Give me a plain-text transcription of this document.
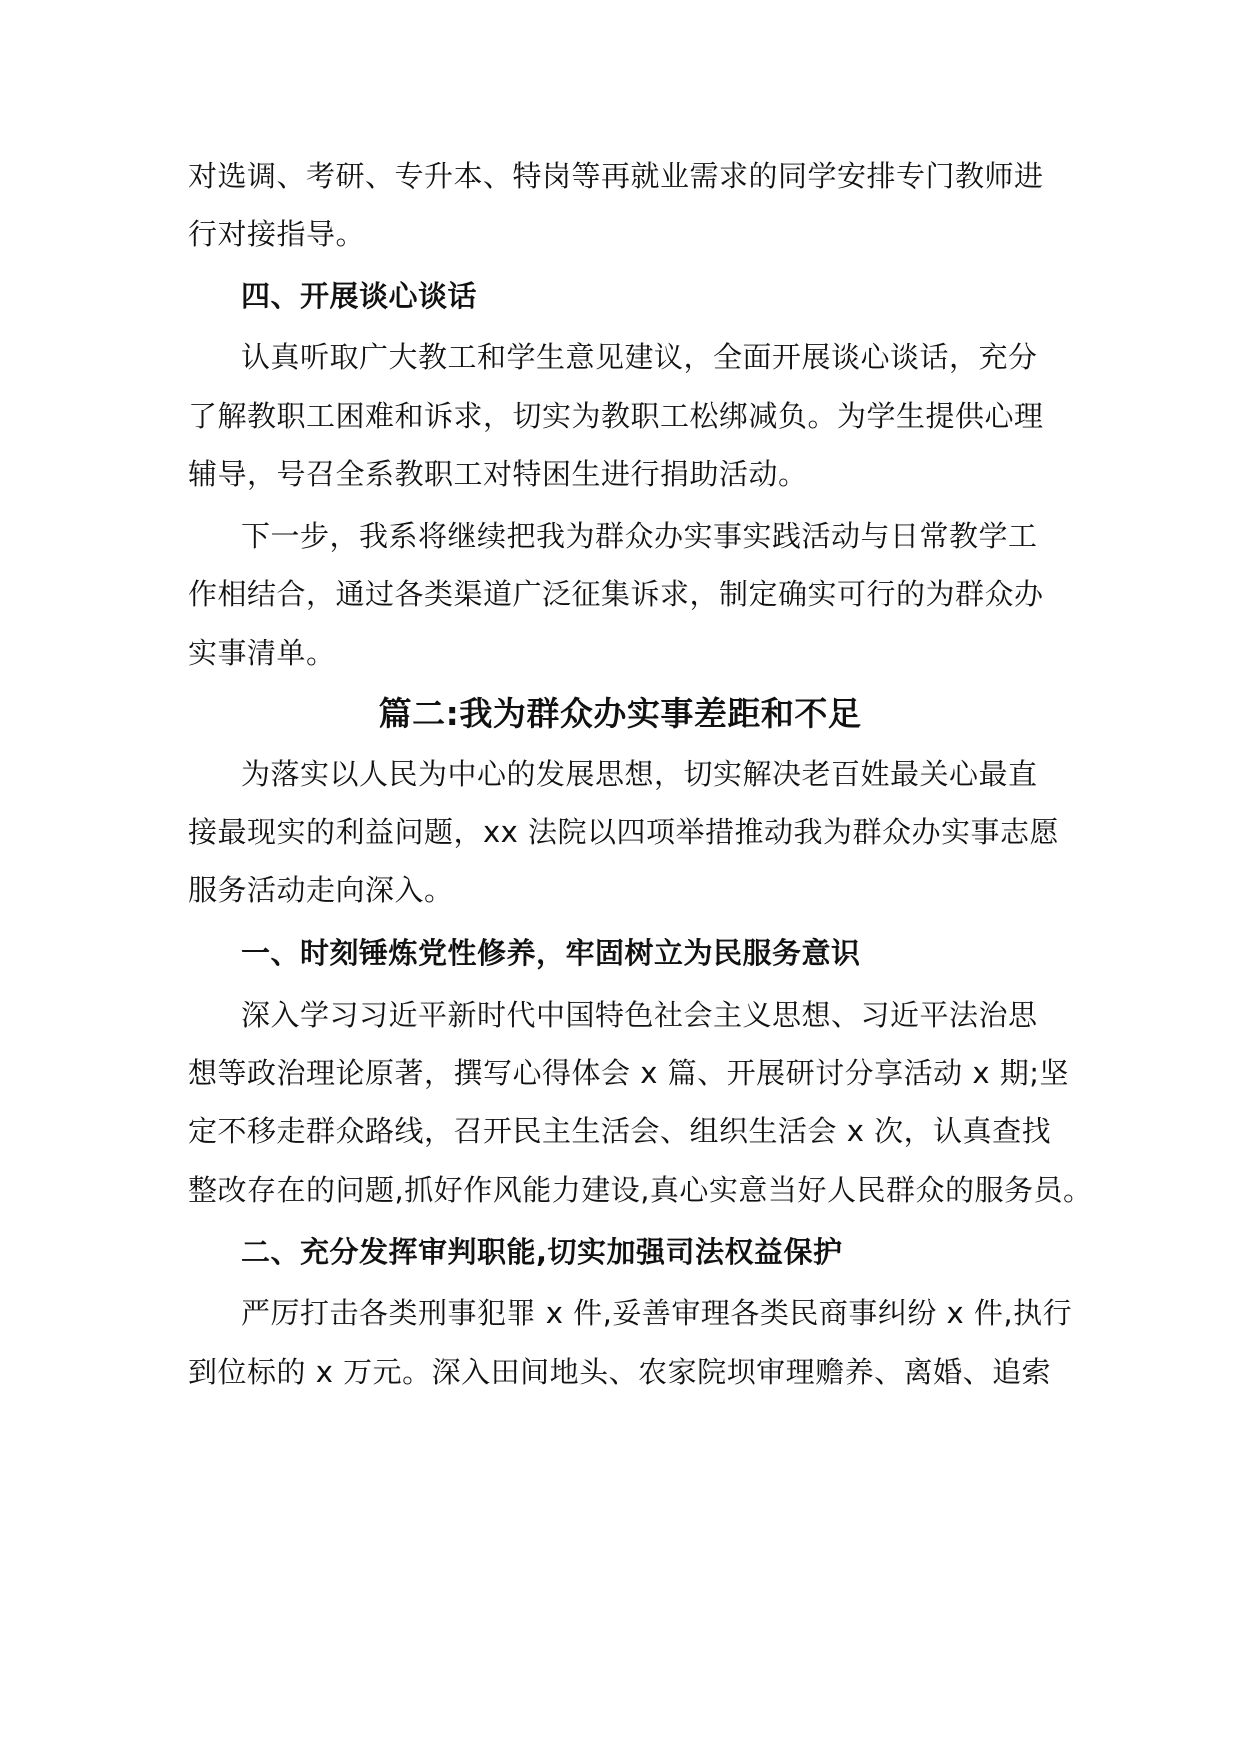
对选调、考研、专升本、特岗等再就业需求的同学安排专门教师进
行对接指导。
四、开展谈心谈话
认真听取广大教工和学生意见建议，全面开展谈心谈话，充分
了解教职工困难和诉求，切实为教职工松绑减负。为学生提供心理
辅导，号召全系教职工对特困生进行捐助活动。
下一步，我系将继续把我为群众办实事实践活动与日常教学工
作相结合，通过各类渠道广泛征集诉求，制定确实可行的为群众办
实事清单。
篇二:我为群众办实事差距和不足
为落实以人民为中心的发展思想，切实解决老百姓最关心最直
接最现实的利益问题，xx 法院以四项举措推动我为群众办实事志愿
服务活动走向深入。
一、时刻锤炼党性修养，牢固树立为民服务意识
深入学习习近平新时代中国特色社会主义思想、习近平法治思
想等政治理论原著，撰写心得体会 x 篇、开展研讨分享活动 x 期;坚
定不移走群众路线，召开民主生活会、组织生活会 x 次，认真查找
整改存在的问题,抓好作风能力建设,真心实意当好人民群众的服务员。
二、充分发挥审判职能,切实加强司法权益保护
严厉打击各类刑事犯罪 x 件,妥善审理各类民商事纠纷 x 件,执行
到位标的 x 万元。深入田间地头、农家院坝审理赡养、离婚、追索
